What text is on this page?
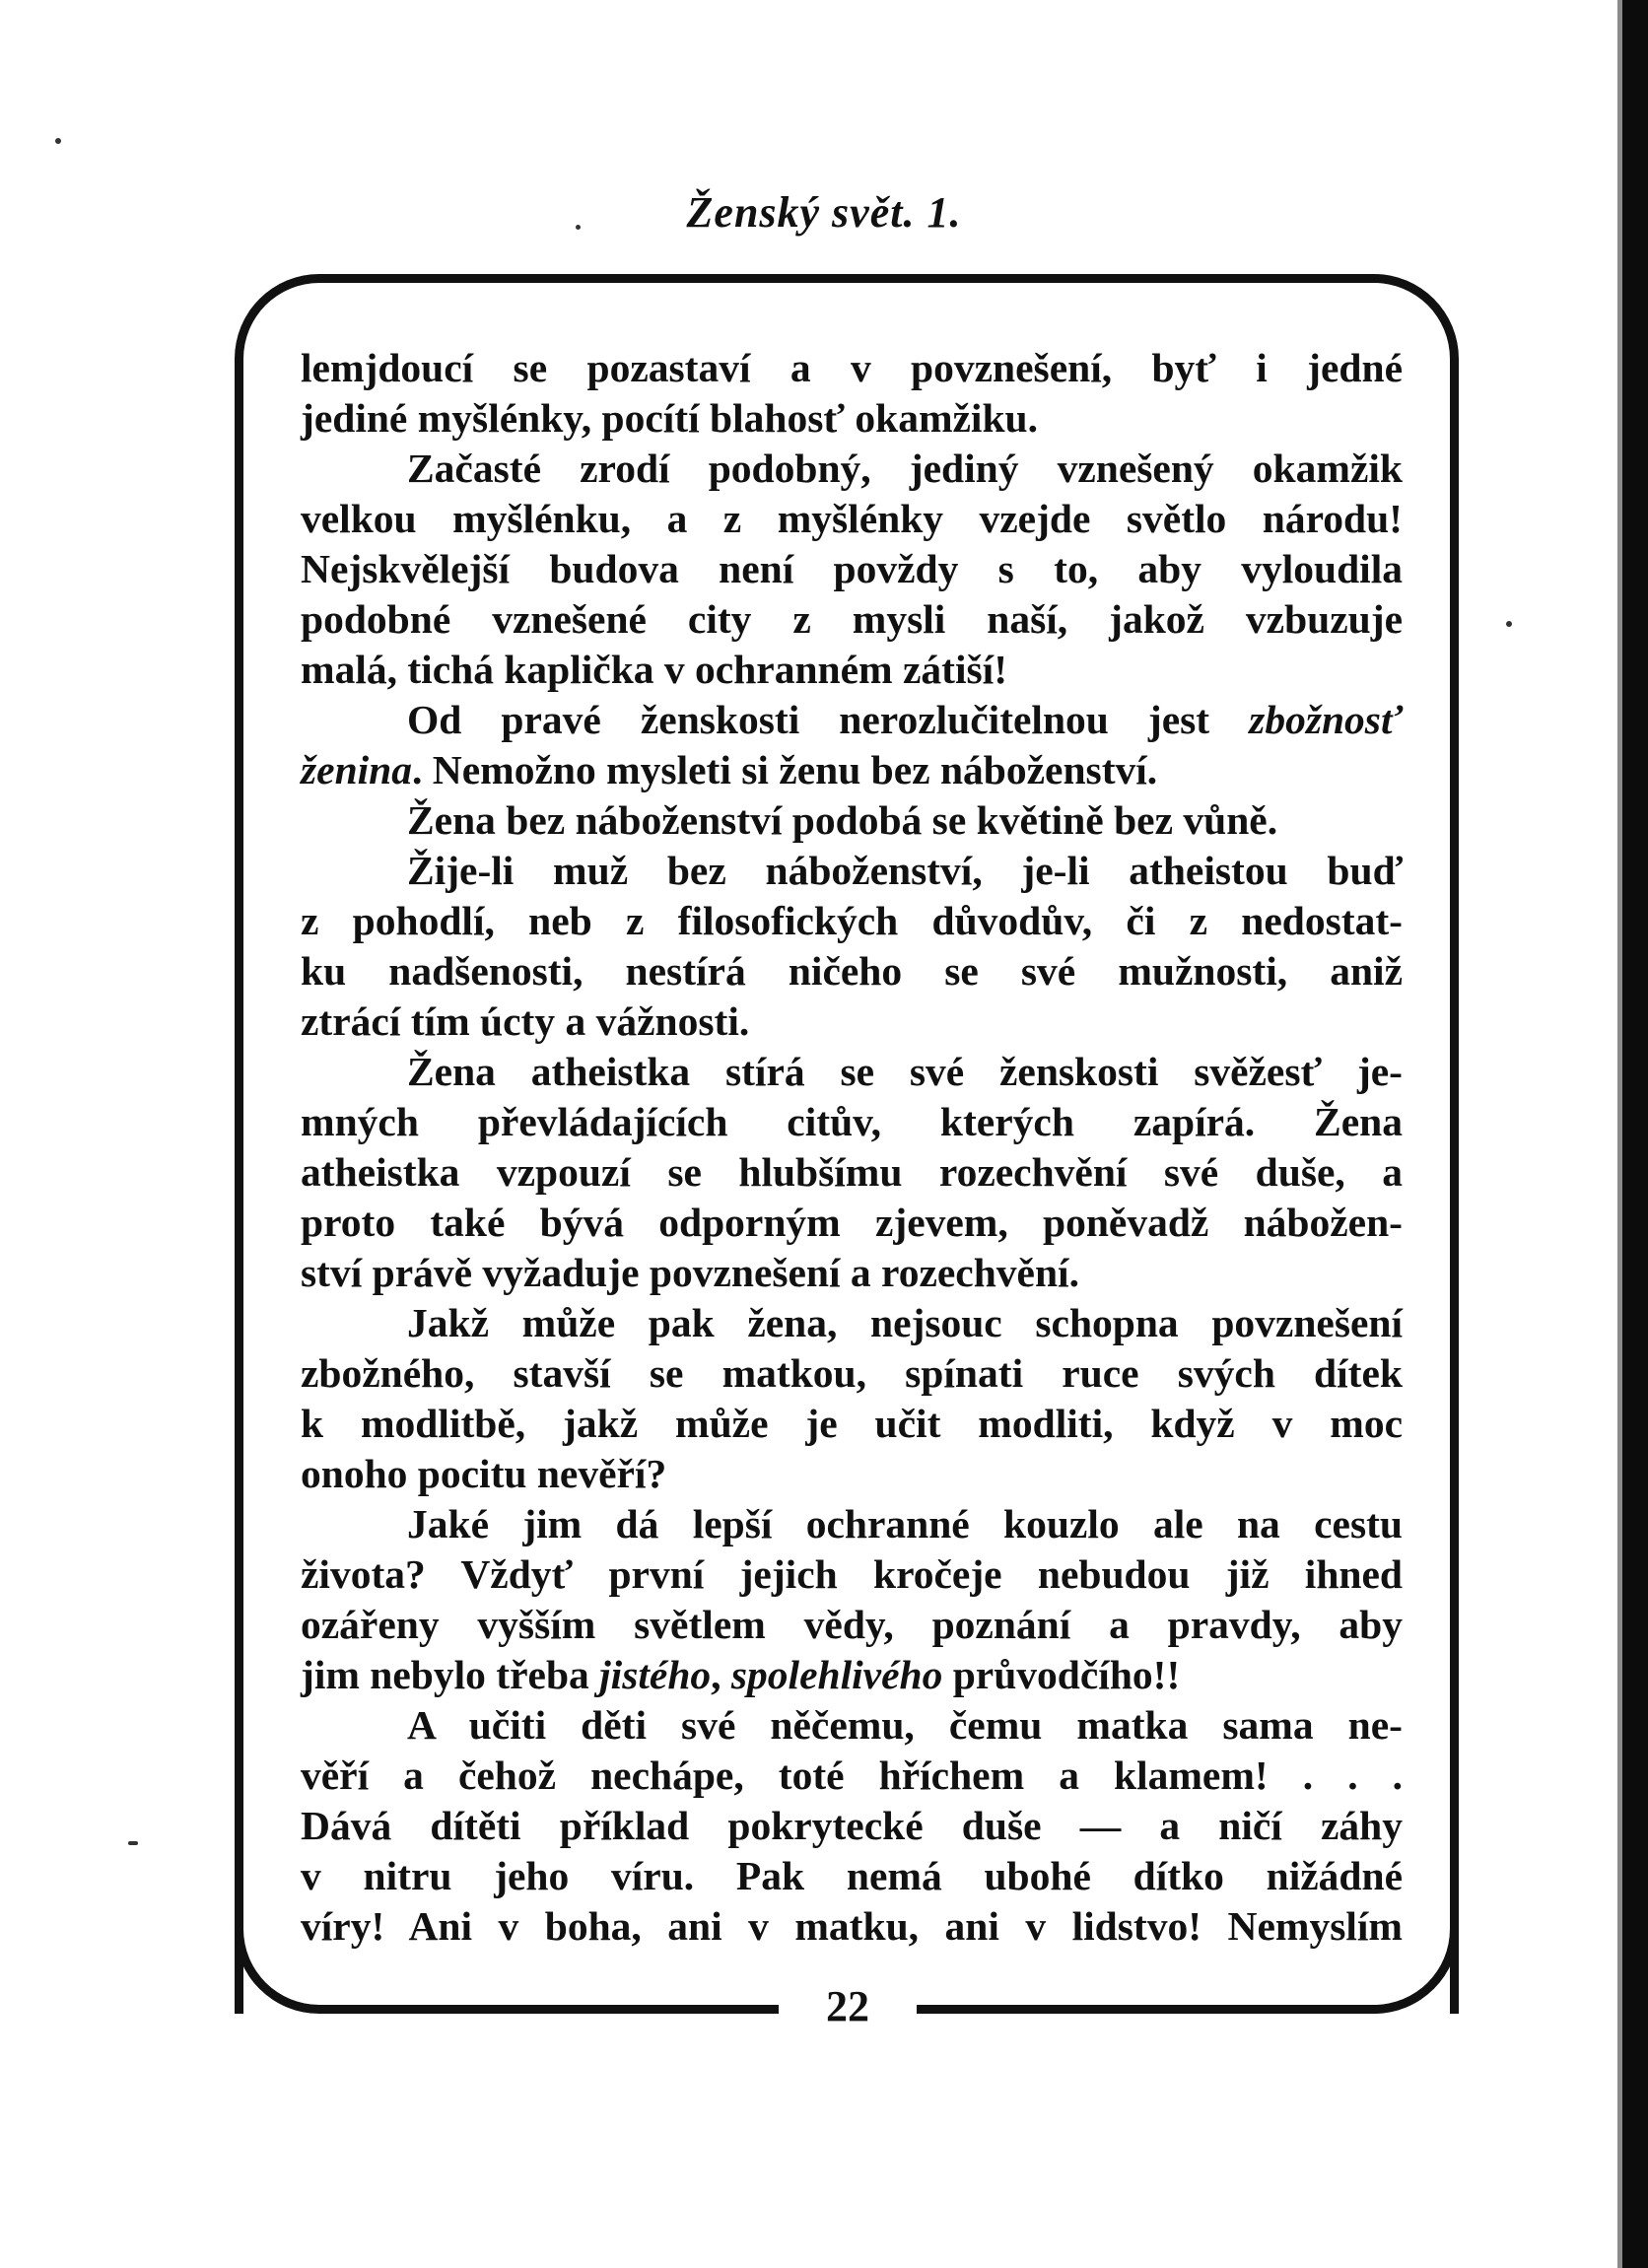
Ženský svět. 1.
22
lemjdoucí se pozastaví a v povznešení, byť i jedné
jediné myšlénky, pocítí blahosť okamžiku.
Začasté zrodí podobný, jediný vznešený okamžik
velkou myšlénku, a z myšlénky vzejde světlo národu!
Nejskvělejší budova není povždy s to, aby vyloudila
podobné vznešené city z mysli naší, jakož vzbuzuje
malá, tichá kaplička v ochranném zátiší!
Od pravé ženskosti nerozlučitelnou jest zbožnosť
ženina. Nemožno mysleti si ženu bez náboženství.
Žena bez náboženství podobá se květině bez vůně.
Žije-li muž bez náboženství, je-li atheistou buď
z pohodlí, neb z filosofických důvodův, či z nedostat-
ku nadšenosti, nestírá ničeho se své mužnosti, aniž
ztrácí tím úcty a vážnosti.
Žena atheistka stírá se své ženskosti svěžesť je-
mných převládajících citův, kterých zapírá. Žena
atheistka vzpouzí se hlubšímu rozechvění své duše, a
proto také bývá odporným zjevem, poněvadž nábožen-
ství právě vyžaduje povznešení a rozechvění.
Jakž může pak žena, nejsouc schopna povznešení
zbožného, stavší se matkou, spínati ruce svých dítek
k modlitbě, jakž může je učit modliti, když v moc
onoho pocitu nevěří?
Jaké jim dá lepší ochranné kouzlo ale na cestu
života? Vždyť první jejich kročeje nebudou již ihned
ozářeny vyšším světlem vědy, poznání a pravdy, aby
jim nebylo třeba jistého, spolehlivého průvodčího!!
A učiti děti své něčemu, čemu matka sama ne-
věří a čehož nechápe, toté hříchem a klamem! . . .
Dává dítěti příklad pokrytecké duše — a ničí záhy
v nitru jeho víru. Pak nemá ubohé dítko nižádné
víry! Ani v boha, ani v matku, ani v lidstvo! Nemyslím
